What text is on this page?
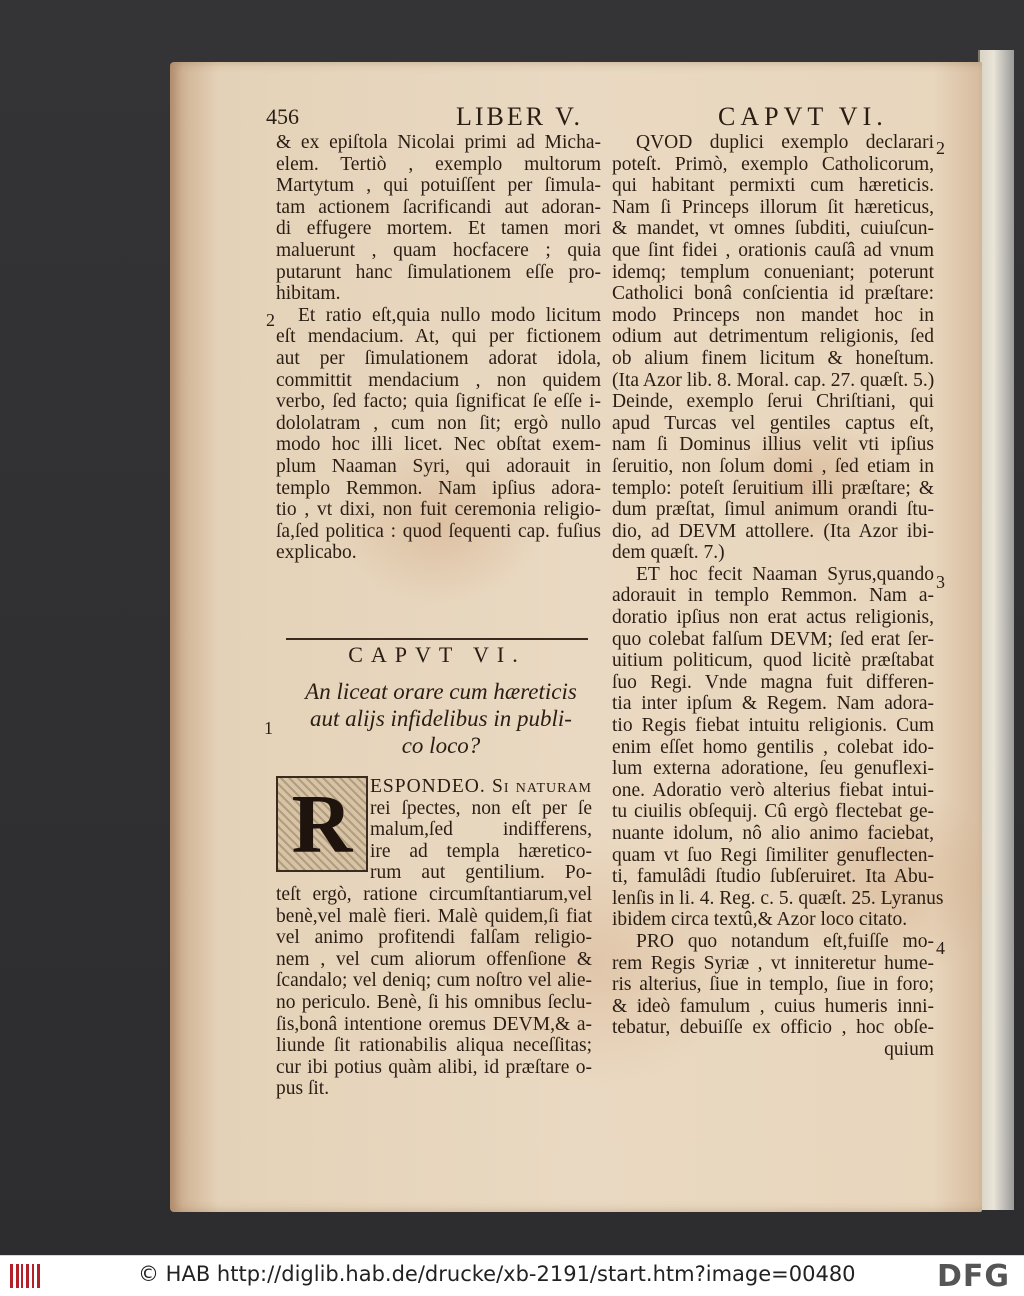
456	LIBER V.	CAPVT VI.
& ex epiſtola Nicolai primi ad Micha-
elem. Tertiò , exemplo multorum
Martytum , qui potuiſſent per ſimula-
tam actionem ſacrificandi aut adoran-
di effugere mortem. Et tamen mori
maluerunt , quam hocfacere ; quia
putarunt hanc ſimulationem eſſe pro-
hibitam.
Et ratio eſt,quia nullo modo licitum
eſt mendacium. At, qui per fictionem
aut per ſimulationem adorat idola,
committit mendacium , non quidem
verbo, ſed facto; quia ſignificat ſe eſſe i-
dololatram , cum non ſit; ergò nullo
modo hoc illi licet. Nec obſtat exem-
plum Naaman Syri, qui adorauit in
templo Remmon. Nam ipſius adora-
tio , vt dixi, non fuit ceremonia religio-
ſa,ſed politica : quod ſequenti cap. fuſius
explicabo.
2
CAPVT VI.
An liceat orare cum hæreticis
aut alijs infidelibus in publi-
co loco?
1
R ESPONDEO. Si naturam
rei ſpectes, non eſt per ſe
malum,ſed indifferens,
ire ad templa hæretico-
rum aut gentilium. Po-
teſt ergò, ratione circumſtantiarum,vel
benè,vel malè fieri. Malè quidem,ſi fiat
vel animo profitendi falſam religio-
nem , vel cum aliorum offenſione &
ſcandalo; vel deniq; cum noſtro vel alie-
no periculo. Benè, ſi his omnibus ſeclu-
ſis,bonâ intentione oremus DEVM,& a-
liunde ſit rationabilis aliqua neceſſitas;
cur ibi potius quàm alibi, id præſtare o-
pus ſit.
QVOD duplici exemplo declarari
poteſt. Primò, exemplo Catholicorum,
qui habitant permixti cum hæreticis.
Nam ſi Princeps illorum ſit hæreticus,
& mandet, vt omnes ſubditi, cuiuſcun-
que ſint fidei , orationis cauſâ ad vnum
idemq; templum conueniant; poterunt
Catholici bonâ conſcientia id præſtare:
modo Princeps non mandet hoc in
odium aut detrimentum religionis, ſed
ob alium finem licitum & honeſtum.
(Ita Azor lib. 8. Moral. cap. 27. quæſt. 5.)
Deinde, exemplo ſerui Chriſtiani, qui
apud Turcas vel gentiles captus eſt,
nam ſi Dominus illius velit vti ipſius
ſeruitio, non ſolum domi , ſed etiam in
templo: poteſt ſeruitium illi præſtare; &
dum præſtat, ſimul animum orandi ſtu-
dio, ad DEVM attollere. (Ita Azor ibi-
dem quæſt. 7.)
ET hoc fecit Naaman Syrus,quando
adorauit in templo Remmon. Nam a-
doratio ipſius non erat actus religionis,
quo colebat falſum DEVM; ſed erat ſer-
uitium politicum, quod licitè præſtabat
ſuo Regi. Vnde magna fuit differen-
tia inter ipſum & Regem. Nam adora-
tio Regis fiebat intuitu religionis. Cum
enim eſſet homo gentilis , colebat ido-
lum externa adoratione, ſeu genuflexi-
one. Adoratio verò alterius fiebat intui-
tu ciuilis obſequij. Cû ergò flectebat ge-
nuante idolum, nô alio animo faciebat,
quam vt ſuo Regi ſimiliter genuflecten-
ti, famulâdi ſtudio ſubſeruiret. Ita Abu-
lenſis in li. 4. Reg. c. 5. quæſt. 25. Lyranus
ibidem circa textû,& Azor loco citato.
PRO quo notandum eſt,fuiſſe mo-
rem Regis Syriæ , vt inniteretur hume-
ris alterius, ſiue in templo, ſiue in foro;
& ideò famulum , cuius humeris inni-
tebatur, debuiſſe ex officio , hoc obſe-
quium
2
3
4
© HAB http://diglib.hab.de/drucke/xb-2191/start.htm?image=00480	DFG
